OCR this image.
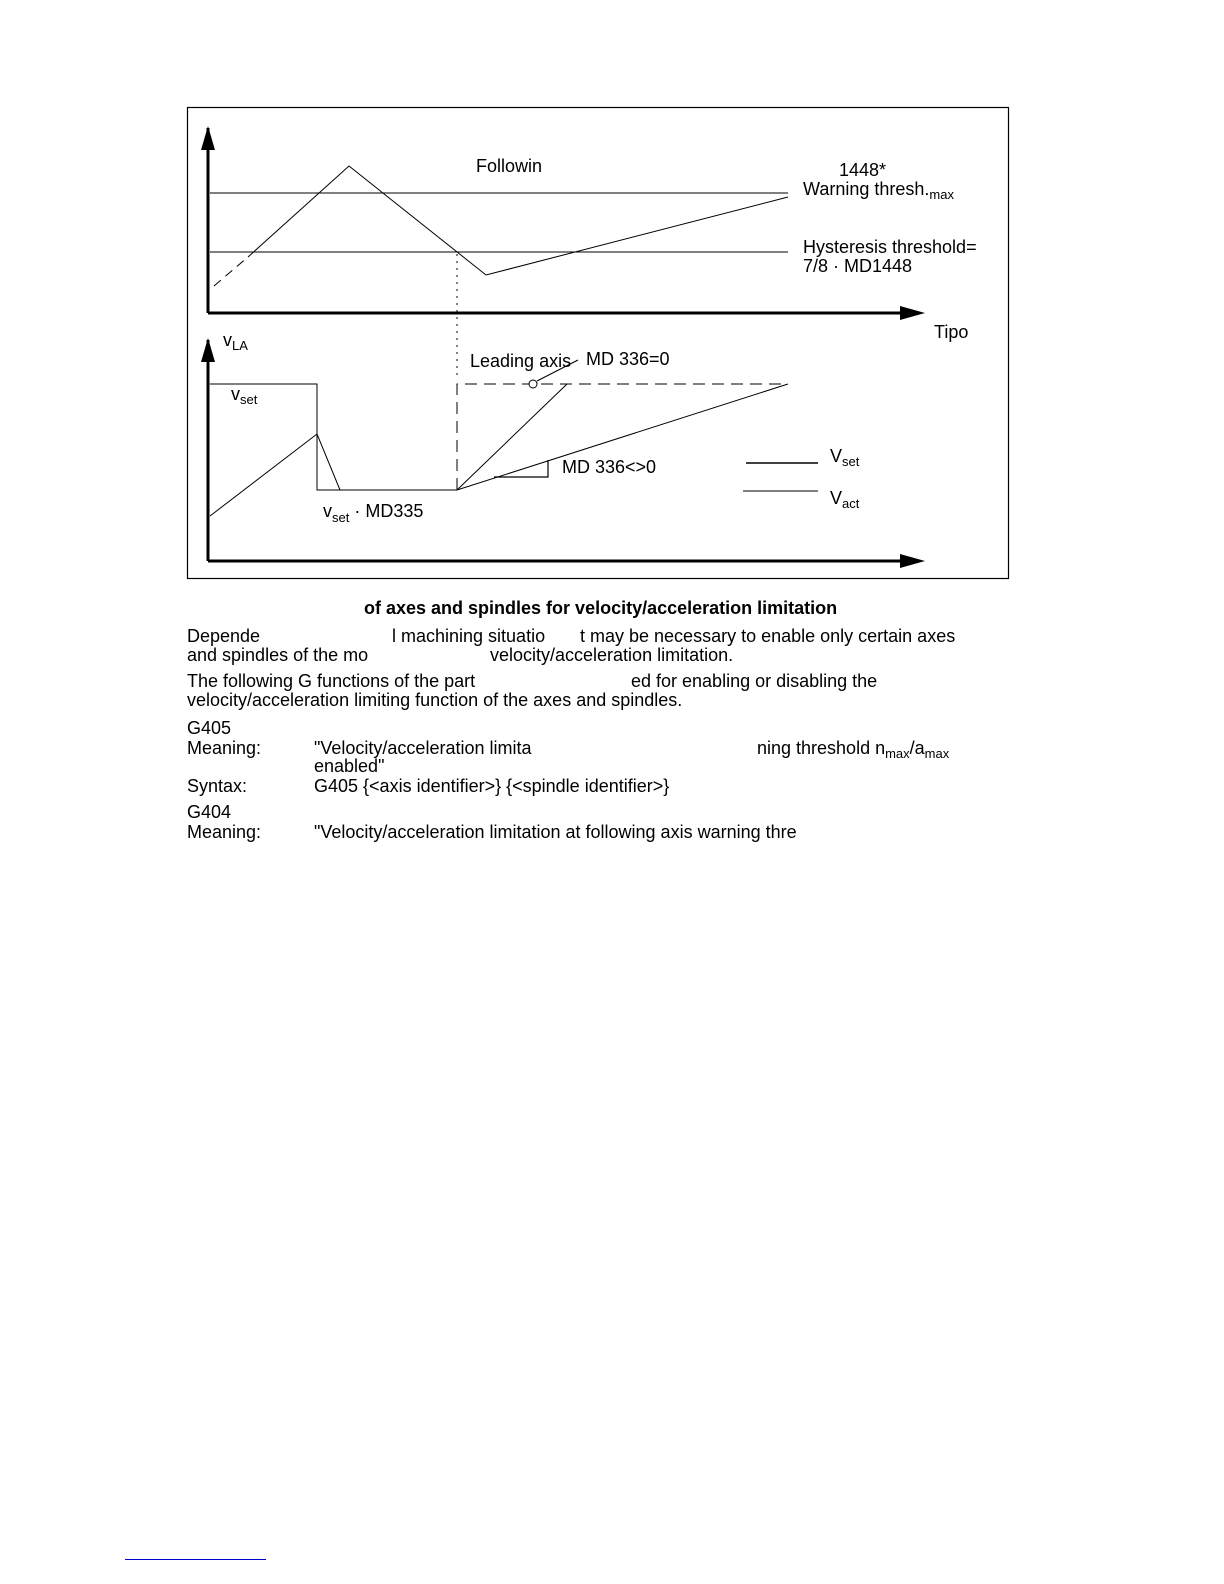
Followin	1448*
Warning $thresh._{max}$
Hysteresis threshold=
7/8 · MD1448
Tipo
$v_{LA}$
Leading axis MD 336=0
$v_{set}$
MD 336<>0
$V_{set}$
$V_{act}$
$v_{set} \cdot MD335$
of axes and spindles for velocity/acceleration limitation
Depende	l machining situatio t may be necessary to enable only certain axes
and spindles of the mo	velocity/acceleration limitation.
The following G functions of the part	ed for enabling or disabling the
velocity/acceleration limiting function of the axes and spindles.
G405
Meaning:	"Velocity/acceleration limita	ning threshold $n_{max}/a_{max}$
enabled"
Syntax:	G405 {<axis identifier>} {<spindle identifier>}
G404
Meaning:	"Velocity/acceleration limitation at following axis warning thre
